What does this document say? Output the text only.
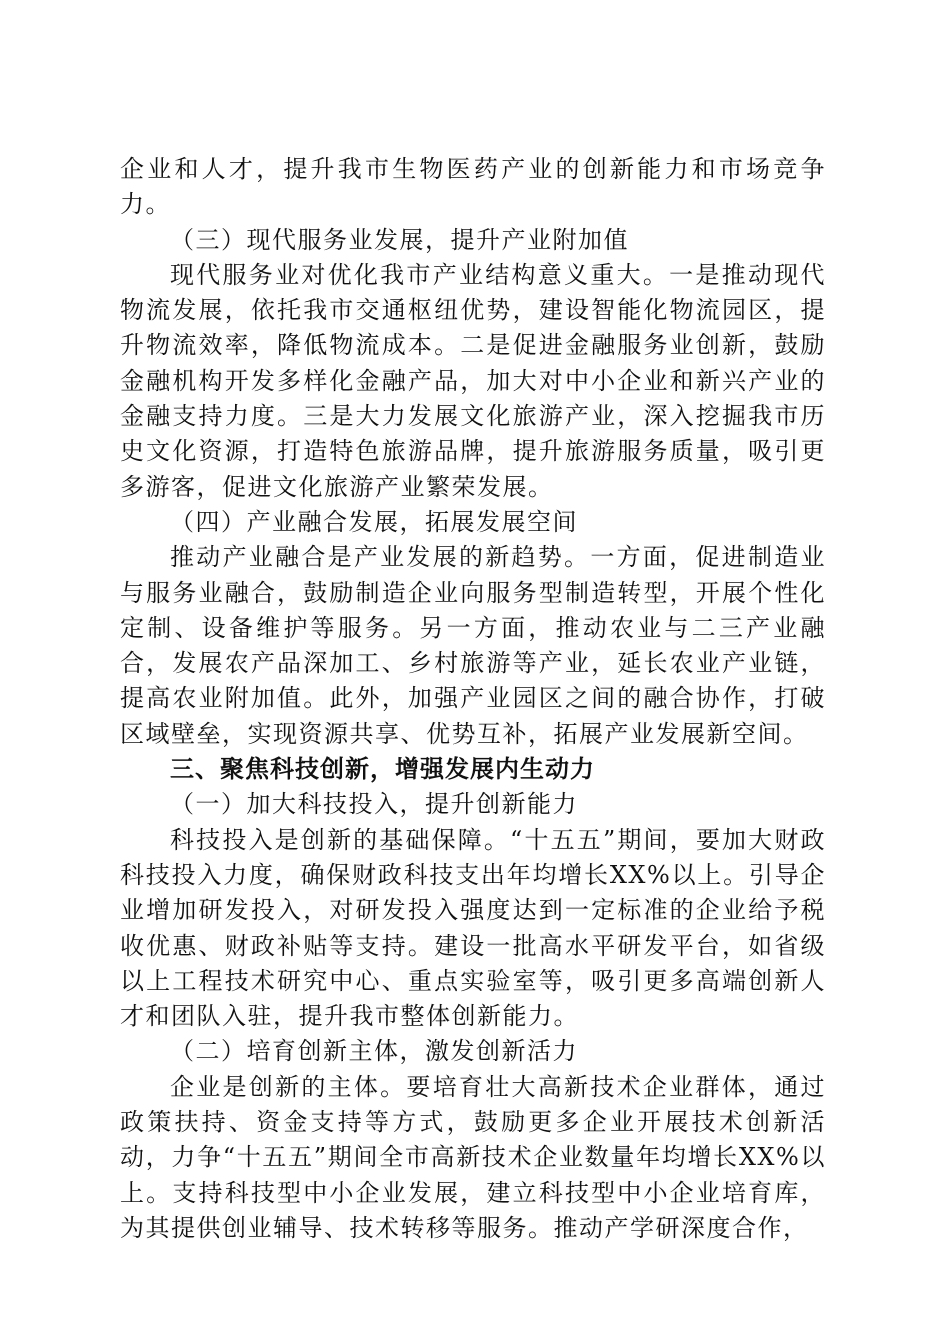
企业和人才，提升我市生物医药产业的创新能力和市场竞争力。

（三）现代服务业发展，提升产业附加值

现代服务业对优化我市产业结构意义重大。一是推动现代物流发展，依托我市交通枢纽优势，建设智能化物流园区，提升物流效率，降低物流成本。二是促进金融服务业创新，鼓励金融机构开发多样化金融产品，加大对中小企业和新兴产业的金融支持力度。三是大力发展文化旅游产业，深入挖掘我市历史文化资源，打造特色旅游品牌，提升旅游服务质量，吸引更多游客，促进文化旅游产业繁荣发展。

（四）产业融合发展，拓展发展空间

推动产业融合是产业发展的新趋势。一方面，促进制造业与服务业融合，鼓励制造企业向服务型制造转型，开展个性化定制、设备维护等服务。另一方面，推动农业与二三产业融合，发展农产品深加工、乡村旅游等产业，延长农业产业链，提高农业附加值。此外，加强产业园区之间的融合协作，打破区域壁垒，实现资源共享、优势互补，拓展产业发展新空间。

三、聚焦科技创新，增强发展内生动力

（一）加大科技投入，提升创新能力

科技投入是创新的基础保障。“十五五”期间，要加大财政科技投入力度，确保财政科技支出年均增长XX%以上。引导企业增加研发投入，对研发投入强度达到一定标准的企业给予税收优惠、财政补贴等支持。建设一批高水平研发平台，如省级以上工程技术研究中心、重点实验室等，吸引更多高端创新人才和团队入驻，提升我市整体创新能力。

（二）培育创新主体，激发创新活力

企业是创新的主体。要培育壮大高新技术企业群体，通过政策扶持、资金支持等方式，鼓励更多企业开展技术创新活动，力争“十五五”期间全市高新技术企业数量年均增长XX%以上。支持科技型中小企业发展，建立科技型中小企业培育库，为其提供创业辅导、技术转移等服务。推动产学研深度合作，
